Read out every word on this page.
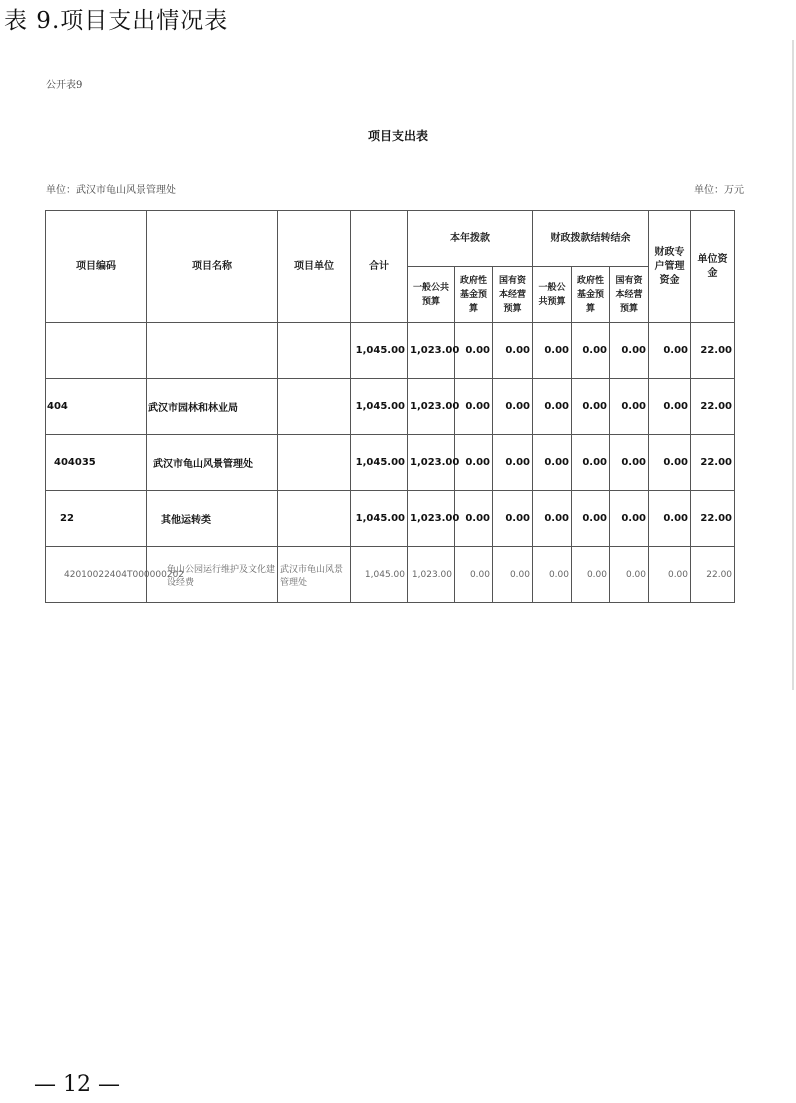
表 9.项目支出情况表
公开表9
项目支出表
单位：武汉市龟山风景管理处	单位：万元
项目编码	项目名称	项目单位	合计	本年拨款			财政拨款结转结余			财政专户管理资金	单位资金
				一般公共预算	政府性基金预算	国有资本经营预算	一般公共预算	政府性基金预算	国有资本经营预算		
			1,045.00	1,023.00	0.00	0.00	0.00	0.00	0.00	0.00	22.00
404	武汉市园林和林业局		1,045.00	1,023.00	0.00	0.00	0.00	0.00	0.00	0.00	22.00
404035	武汉市龟山风景管理处		1,045.00	1,023.00	0.00	0.00	0.00	0.00	0.00	0.00	22.00
22	其他运转类		1,045.00	1,023.00	0.00	0.00	0.00	0.00	0.00	0.00	22.00
42010022404T000000202	龟山公园运行维护及文化建设经费	武汉市龟山风景管理处	1,045.00	1,023.00	0.00	0.00	0.00	0.00	0.00	0.00	22.00
— 12 —
